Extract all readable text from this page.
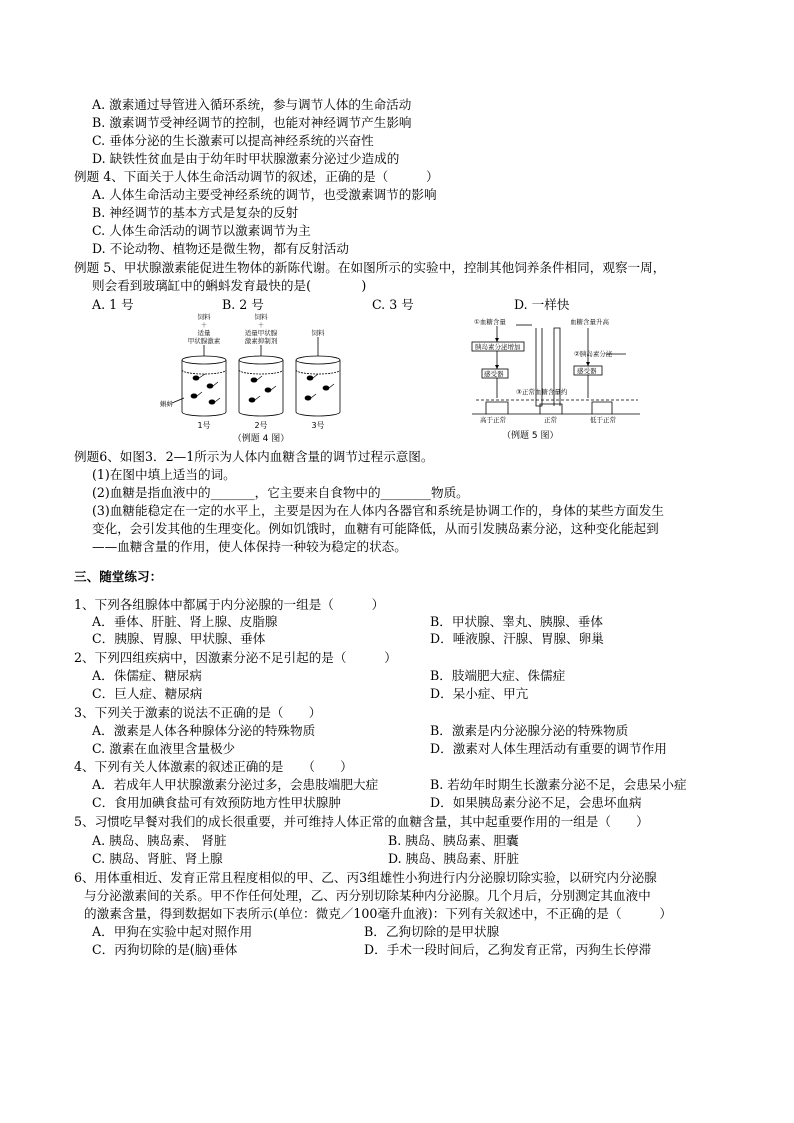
A. 激素通过导管进入循环系统，参与调节人体的生命活动
B. 激素调节受神经调节的控制，也能对神经调节产生影响
C. 垂体分泌的生长激素可以提高神经系统的兴奋性
D. 缺铁性贫血是由于幼年时甲状腺激素分泌过少造成的
例题 4、下面关于人体生命活动调节的叙述，正确的是（　　　）
A. 人体生命活动主要受神经系统的调节，也受激素调节的影响
B. 神经调节的基本方式是复杂的反射
C. 人体生命活动的调节以激素调节为主
D. 不论动物、植物还是微生物，都有反射活动
例题 5、甲状腺激素能促进生物体的新陈代谢。在如图所示的实验中，控制其他饲养条件相同，观察一周，
则会看到玻璃缸中的蝌蚪发育最快的是(　　　　)
A. 1 号	B. 2 号	C. 3 号	D. 一样快
饲料
＋
适量
甲状腺激素
饲料
＋
适量甲状腺
激素抑制剂
饲料
蝌蚪
1号	2号	3号
（例题 4 图）
①血糖含量
胰岛素分泌增加
感受器
③正常血糖含量约
血糖含量升高
②胰岛素分泌
感受器
高于正常	正常	低于正常
（例题 5 图）
例题6、如图3．2—1所示为人体内血糖含量的调节过程示意图。
(1)在图中填上适当的词。
(2)血糖是指血液中的_______，它主要来自食物中的________物质。
(3)血糖能稳定在一定的水平上，主要是因为在人体内各器官和系统是协调工作的，身体的某些方面发生
变化，会引发其他的生理变化。例如饥饿时，血糖有可能降低，从而引发胰岛素分泌，这种变化能起到
——血糖含量的作用，使人体保持一种较为稳定的状态。
三、随堂练习：
1、下列各组腺体中都属于内分泌腺的一组是（　　　）
A．垂体、肝脏、肾上腺、皮脂腺	B．甲状腺、睾丸、胰腺、垂体
C．胰腺、胃腺、甲状腺、垂体	D．唾液腺、汗腺、胃腺、卵巢
2、下列四组疾病中，因激素分泌不足引起的是（　　　）
A．侏儒症、糖尿病	B．肢端肥大症、侏儒症
C．巨人症、糖尿病	D．呆小症、甲亢
3、下列关于激素的说法不正确的是（　　）
A．激素是人体各种腺体分泌的特殊物质	B．激素是内分泌腺分泌的特殊物质
C. 激素在血液里含量极少	D．激素对人体生理活动有重要的调节作用
4、下列有关人体激素的叙述正确的是　　（　　）
A．若成年人甲状腺激素分泌过多，会患肢端肥大症	B. 若幼年时期生长激素分泌不足，会患呆小症
C．食用加碘食盐可有效预防地方性甲状腺肿	D．如果胰岛素分泌不足，会患坏血病
5、习惯吃早餐对我们的成长很重要，并可维持人体正常的血糖含量，其中起重要作用的一组是（　　）
A. 胰岛、胰岛素、 肾脏	B. 胰岛、胰岛素、胆囊
C. 胰岛、肾脏、肾上腺	D. 胰岛、胰岛素、肝脏
6、用体重相近、发育正常且程度相似的甲、乙、丙3组雄性小狗进行内分泌腺切除实验，以研究内分泌腺
与分泌激素间的关系。甲不作任何处理，乙、丙分别切除某种内分泌腺。几个月后，分别测定其血液中
的激素含量，得到数据如下表所示(单位：微克／100毫升血液)：下列有关叙述中，不正确的是（　　　）
A．甲狗在实验中起对照作用	B．乙狗切除的是甲状腺
C．丙狗切除的是(脑)垂体	D．手术一段时间后，乙狗发育正常，丙狗生长停滞
